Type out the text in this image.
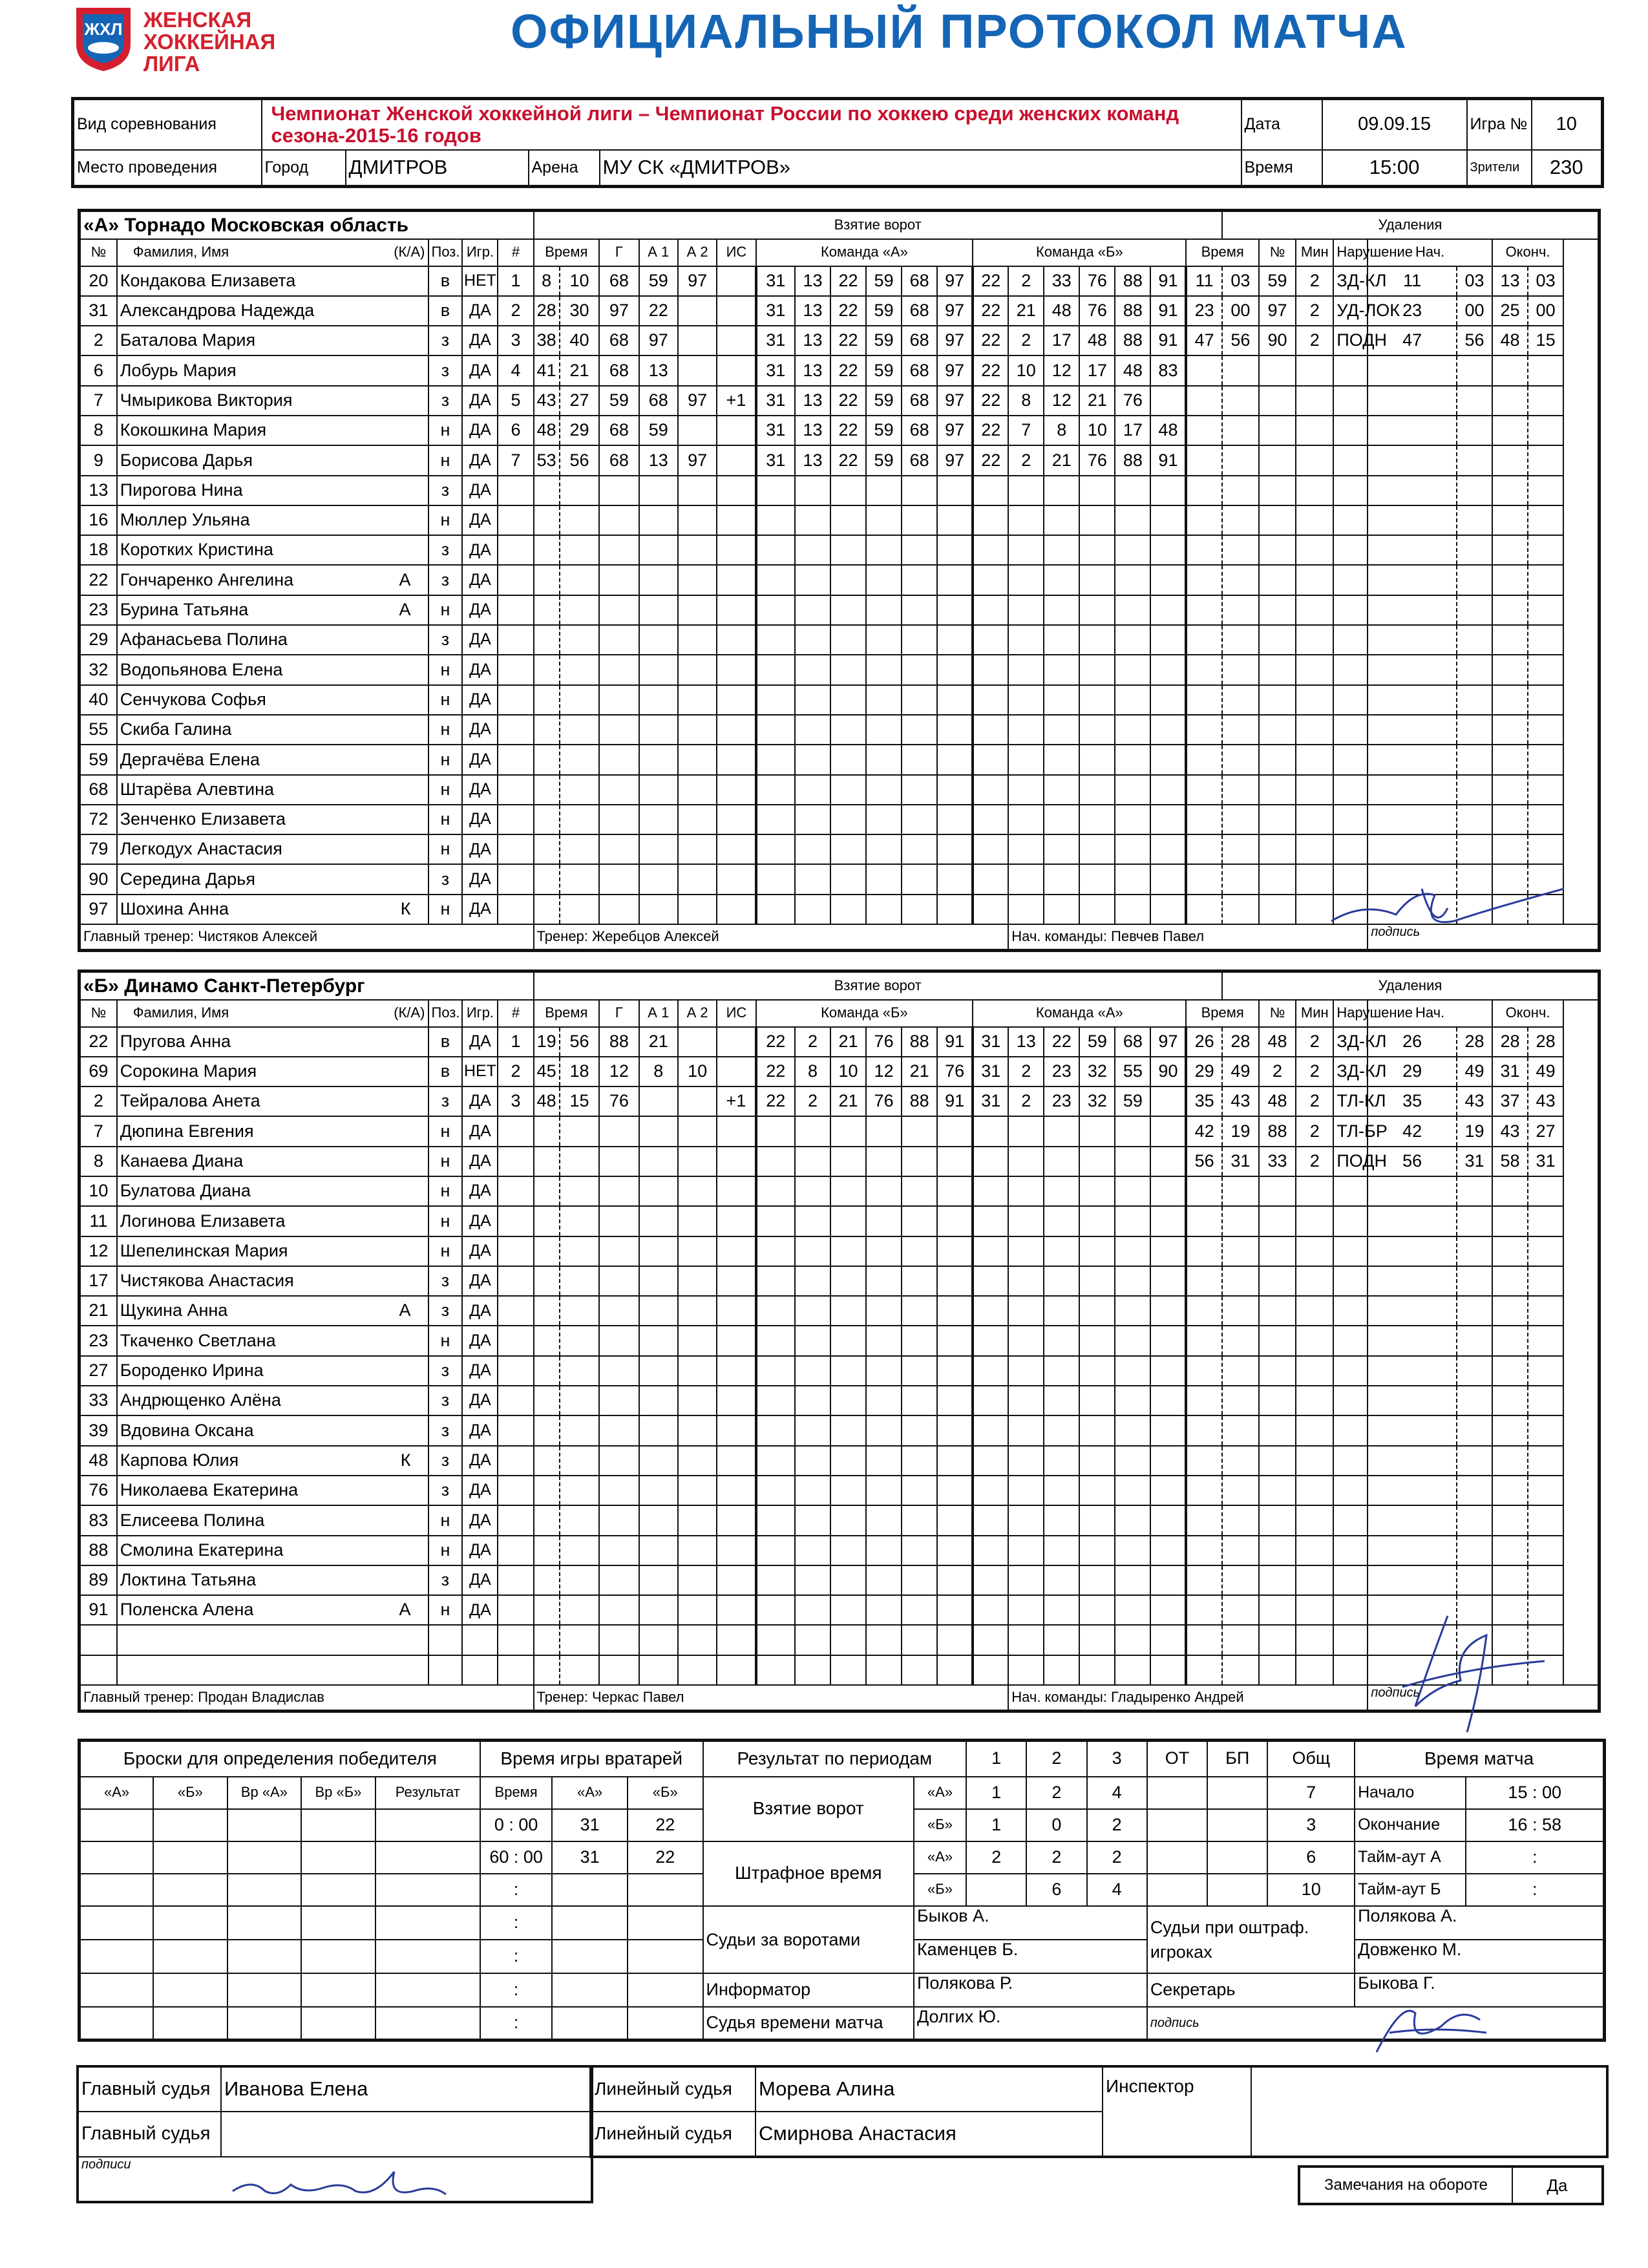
ЖХЛ ЖЕНСКАЯ
ХОККЕЙНАЯ
ЛИГА
ОФИЦИАЛЬНЫЙ ПРОТОКОЛ МАТЧА
Вид соревнования	Чемпионат Женской хоккейной лиги – Чемпионат России по хоккею среди женских команд сезона-2015-16 годов				Дата	09.09.15	Игра №	10
Место проведения	Город	ДМИТРОВ	Арена	МУ СК «ДМИТРОВ»	Время	15:00	Зрители	230
«А» Торнадо Московская область					Взятие ворот																			Удаления							
№	Фамилия, Имя (К/А)	Поз.	Игр.	#	Время		Г	А 1	А 2	ИС	Команда «А»						Команда «Б»						Время		№	Мин	Нарушение	Нач.		Оконч.	
20	Кондакова Елизавета	в	НЕТ	1	8	10	68	59	97		31	13	22	59	68	97	22	2	33	76	88	91	11	03	59	2	ЗД-КЛ	11	03	13	03
31	Александрова Надежда	в	ДА	2	28	30	97	22			31	13	22	59	68	97	22	21	48	76	88	91	23	00	97	2	УД-ЛОК	23	00	25	00
2	Баталова Мария	з	ДА	3	38	40	68	97			31	13	22	59	68	97	22	2	17	48	88	91	47	56	90	2	ПОДН	47	56	48	15
6	Лобурь Мария	з	ДА	4	41	21	68	13			31	13	22	59	68	97	22	10	12	17	48	83									
7	Чмырикова Виктория	з	ДА	5	43	27	59	68	97	+1	31	13	22	59	68	97	22	8	12	21	76										
8	Кокошкина Мария	н	ДА	6	48	29	68	59			31	13	22	59	68	97	22	7	8	10	17	48									
9	Борисова Дарья	н	ДА	7	53	56	68	13	97		31	13	22	59	68	97	22	2	21	76	88	91									
13	Пирогова Нина	з	ДА																												
16	Мюллер Ульяна	н	ДА																												
18	Коротких Кристина	з	ДА																												
22	Гончаренко Ангелина А	з	ДА																												
23	Бурина Татьяна А	н	ДА																												
29	Афанасьева Полина	з	ДА																												
32	Водопьянова Елена	н	ДА																												
40	Сенчукова Софья	н	ДА																												
55	Скиба Галина	н	ДА																												
59	Дергачёва Елена	н	ДА																												
68	Штарёва Алевтина	н	ДА																												
72	Зенченко Елизавета	н	ДА																												
79	Легкодух Анастасия	н	ДА																												
90	Середина Дарья	з	ДА																												
97	Шохина Анна К	н	ДА																												
Главный тренер: Чистяков Алексей					Тренер: Жеребцов Алексей													Нач. команды: Певчев Павел										подпись			
«Б» Динамо Санкт-Петербург					Взятие ворот																			Удаления							
№	Фамилия, Имя (К/А)	Поз.	Игр.	#	Время		Г	А 1	А 2	ИС	Команда «Б»						Команда «А»						Время		№	Мин	Нарушение	Нач.		Оконч.	
22	Пругова Анна	в	ДА	1	19	56	88	21			22	2	21	76	88	91	31	13	22	59	68	97	26	28	48	2	ЗД-КЛ	26	28	28	28
69	Сорокина Мария	в	НЕТ	2	45	18	12	8	10		22	8	10	12	21	76	31	2	23	32	55	90	29	49	2	2	ЗД-КЛ	29	49	31	49
2	Тейралова Анета	з	ДА	3	48	15	76			+1	22	2	21	76	88	91	31	2	23	32	59		35	43	48	2	ТЛ-КЛ	35	43	37	43
7	Дюпина Евгения	н	ДА																				42	19	88	2	ТЛ-БР	42	19	43	27
8	Канаева Диана	н	ДА																				56	31	33	2	ПОДН	56	31	58	31
10	Булатова Диана	н	ДА																												
11	Логинова Елизавета	н	ДА																												
12	Шепелинская Мария	н	ДА																												
17	Чистякова Анастасия	з	ДА																												
21	Щукина Анна А	з	ДА																												
23	Ткаченко Светлана	н	ДА																												
27	Бороденко Ирина	з	ДА																												
33	Андрющенко Алёна	з	ДА																												
39	Вдовина Оксана	з	ДА																												
48	Карпова Юлия К	з	ДА																												
76	Николаева Екатерина	з	ДА																												
83	Елисеева Полина	н	ДА																												
88	Смолина Екатерина	н	ДА																												
89	Локтина Татьяна	з	ДА																												
91	Поленска Алена А	н	ДА																												

Главный тренер: Продан Владислав					Тренер: Черкас Павел													Нач. команды: Гладыренко Андрей										подпись			
Броски для определения победителя					Время игры вратарей			Результат по периодам		1	2	3	ОТ	БП	Общ	Время матча	
«А»	«Б»	Вр «А»	Вр «Б»	Результат	Время	«А»	«Б»	Взятие ворот	«А»	1	2	4			7	Начало	15 : 00
					0 : 00	31	22		«Б»	1	0	2			3	Окончание	16 : 58
					60 : 00	31	22	Штрафное время	«А»	2	2	2			6	Тайм-аут А	:
					:				«Б»		6	4			10	Тайм-аут Б	:
					:			Судьи за воротами	Быков А.				Судьи при оштраф. игроках			Полякова А.	
					:				Каменцев Б.							Довженко М.	
					:			Информатор	Полякова Р.				Секретарь			Быкова Г.	
					:			Судья времени матча	Долгих Ю.				подпись				
Главный судья	Иванова Елена
Главный судья	
подписи	
Линейный судья	Морева Алина	Инспектор	
Линейный судья	Смирнова Анастасия		
Замечания на обороте	Да
